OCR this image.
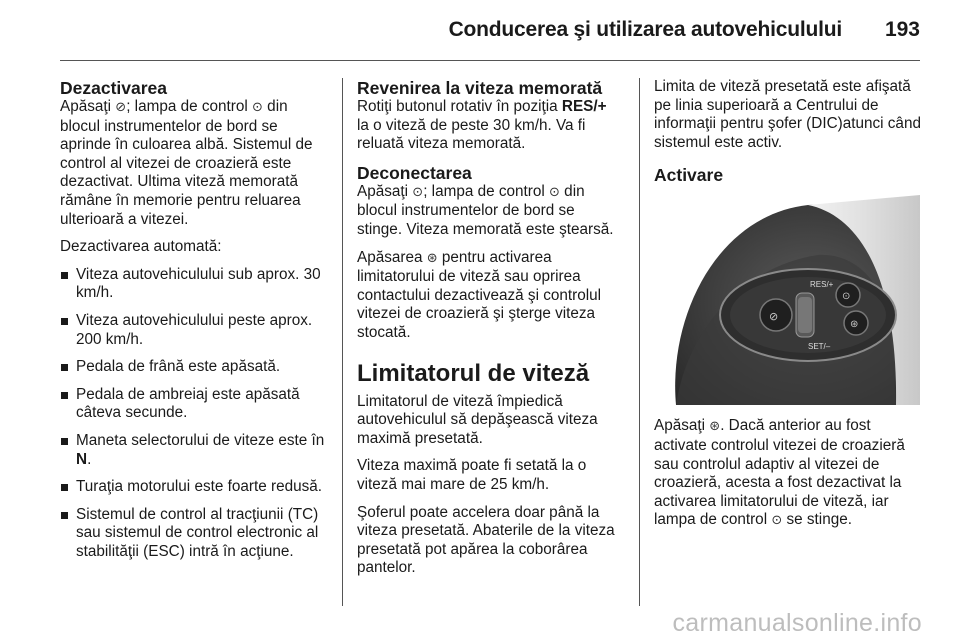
Conducerea şi utilizarea autovehiculului 193
Dezactivarea

Apăsaţi ⊘; lampa de control ⊙ din blocul instrumentelor de bord se aprinde în culoarea albă. Sistemul de control al vitezei de croazieră este dezactivat. Ultima viteză memorată rămâne în memorie pentru reluarea ulterioară a vitezei.

Dezactivarea automată:

Viteza autovehiculului sub aprox. 30 km/h.
Viteza autovehiculului peste aprox. 200 km/h.
Pedala de frână este apăsată.
Pedala de ambreiaj este apăsată câteva secunde.
Maneta selectorului de viteze este în N.
Turaţia motorului este foarte redusă.
Sistemul de control al tracţiunii (TC) sau sistemul de control electronic al stabilităţii (ESC) intră în acţiune.
Revenirea la viteza memorată

Rotiţi butonul rotativ în poziţia RES/+ la o viteză de peste 30 km/h. Va fi reluată viteza memorată.

Deconectarea

Apăsaţi ⊙; lampa de control ⊙ din blocul instrumentelor de bord se stinge. Viteza memorată este ştearsă.

Apăsarea ⊛ pentru activarea limitatorului de viteză sau oprirea contactului dezactivează şi controlul vitezei de croazieră şi şterge viteza stocată.

Limitatorul de viteză

Limitatorul de viteză împiedică autovehiculul să depăşească viteza maximă presetată.

Viteza maximă poate fi setată la o viteză mai mare de 25 km/h.

Şoferul poate accelera doar până la viteza presetată. Abaterile de la viteza presetată pot apărea la coborârea pantelor.

Limita de viteză presetată este afişată pe linia superioară a Centrului de informaţii pentru şofer (DIC)atunci când sistemul este activ.

Activare
RES/+
SET/–
⊘
⊙
⊛

Apăsaţi ⊛. Dacă anterior au fost activate controlul vitezei de croazieră sau controlul adaptiv al vitezei de croazieră, acesta a fost dezactivat la activarea limitatorului de viteză, iar lampa de control ⊙ se stinge.

carmanualsonline.info
